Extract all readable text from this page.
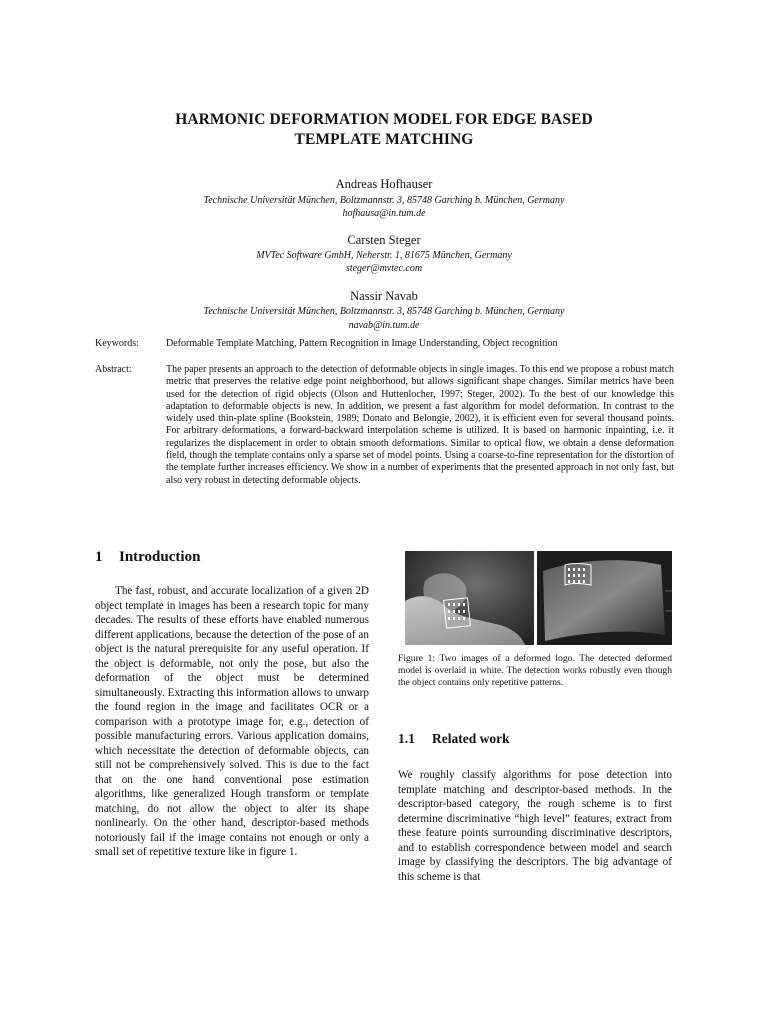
HARMONIC DEFORMATION MODEL FOR EDGE BASED
TEMPLATE MATCHING
Andreas Hofhauser
Technische Universität München, Boltzmannstr. 3, 85748 Garching b. München, Germany
hofhausa@in.tum.de
Carsten Steger
MVTec Software GmbH, Neherstr. 1, 81675 München, Germany
steger@mvtec.com
Nassir Navab
Technische Universität München, Boltzmannstr. 3, 85748 Garching b. München, Germany
navab@in.tum.de
Keywords:	Deformable Template Matching, Pattern Recognition in Image Understanding, Object recognition
Abstract:	The paper presents an approach to the detection of deformable objects in single images. To this end we propose a robust match metric that preserves the relative edge point neighborhood, but allows significant shape changes. Similar metrics have been used for the detection of rigid objects (Olson and Huttenlocher, 1997; Steger, 2002). To the best of our knowledge this adaptation to deformable objects is new. In addition, we present a fast algorithm for model deformation. In contrast to the widely used thin-plate spline (Bookstein, 1989; Donato and Belongie, 2002), it is efficient even for several thousand points. For arbitrary deformations, a forward-backward interpolation scheme is utilized. It is based on harmonic inpainting, i.e. it regularizes the displacement in order to obtain smooth deformations. Similar to optical flow, we obtain a dense deformation field, though the template contains only a sparse set of model points. Using a coarse-to-fine representation for the distortion of the template further increases efficiency. We show in a number of experiments that the presented approach in not only fast, but also very robust in detecting deformable objects.

1 Introduction

The fast, robust, and accurate localization of a given 2D object template in images has been a research topic for many decades. The results of these efforts have enabled numerous different applications, because the detection of the pose of an object is the natural prerequisite for any useful operation. If the object is deformable, not only the pose, but also the deformation of the object must be determined simultaneously. Extracting this information allows to unwarp the found region in the image and facilitates OCR or a comparison with a prototype image for, e.g., detection of possible manufacturing errors. Various application domains, which necessitate the detection of deformable objects, can still not be comprehensively solved. This is due to the fact that on the one hand conventional pose estimation algorithms, like generalized Hough transform or template matching, do not allow the object to alter its shape nonlinearly. On the other hand, descriptor-based methods notoriously fail if the image contains not enough or only a small set of repetitive texture like in figure 1.

Figure 1: Two images of a deformed logo. The detected deformed model is overlaid in white. The detection works robustly even though the object contains only repetitive patterns.
1.1 Related work

We roughly classify algorithms for pose detection into template matching and descriptor-based methods. In the descriptor-based category, the rough scheme is to first determine discriminative “high level” features, extract from these feature points surrounding discriminative descriptors, and to establish correspondence between model and search image by classifying the descriptors. The big advantage of this scheme is that
